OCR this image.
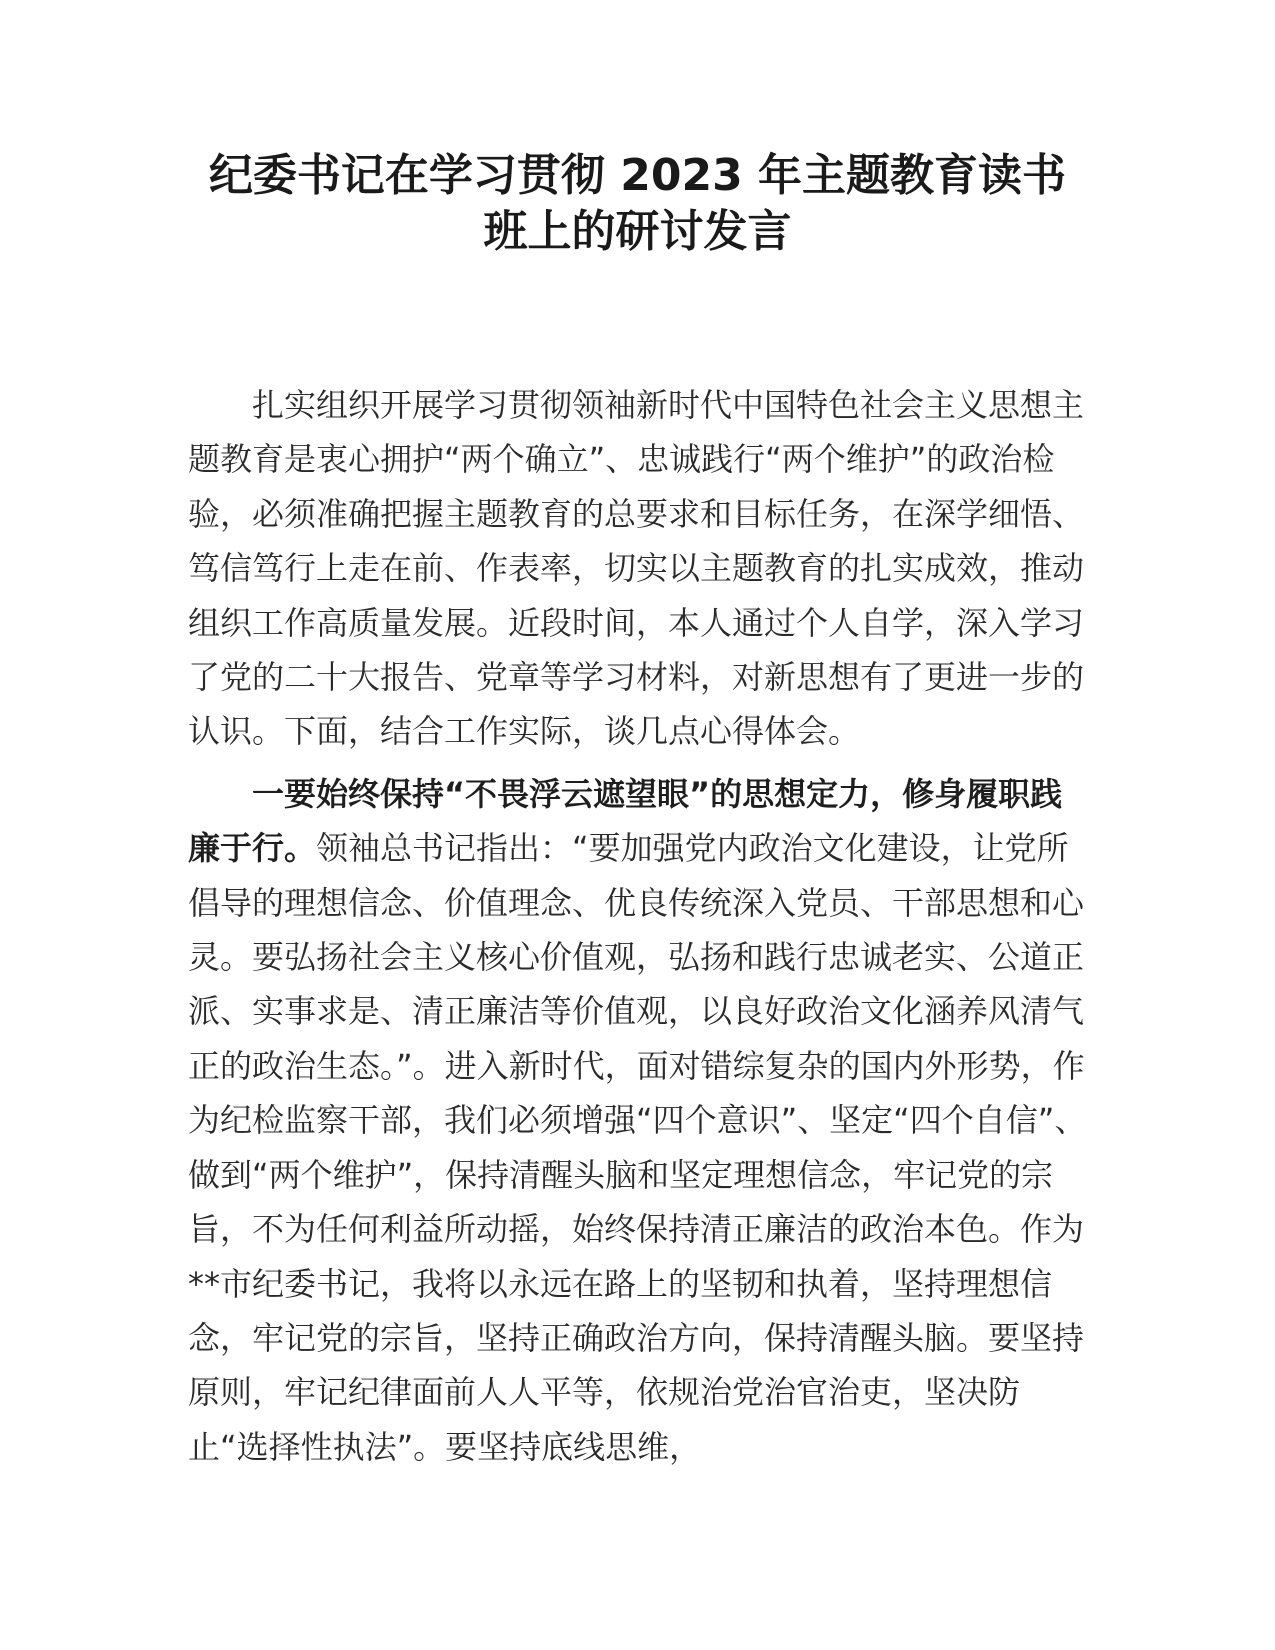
纪委书记在学习贯彻 2023 年主题教育读书
班上的研讨发言

扎实组织开展学习贯彻领袖新时代中国特色社会主义思想主题教育是衷心拥护“两个确立”、忠诚践行“两个维护”的政治检验，必须准确把握主题教育的总要求和目标任务，在深学细悟、笃信笃行上走在前、作表率，切实以主题教育的扎实成效，推动组织工作高质量发展。近段时间，本人通过个人自学，深入学习了党的二十大报告、党章等学习材料，对新思想有了更进一步的认识。下面，结合工作实际，谈几点心得体会。

一要始终保持“不畏浮云遮望眼”的思想定力，修身履职践廉于行。领袖总书记指出：“要加强党内政治文化建设，让党所倡导的理想信念、价值理念、优良传统深入党员、干部思想和心灵。要弘扬社会主义核心价值观，弘扬和践行忠诚老实、公道正派、实事求是、清正廉洁等价值观，以良好政治文化涵养风清气正的政治生态。”。进入新时代，面对错综复杂的国内外形势，作为纪检监察干部，我们必须增强“四个意识”、坚定“四个自信”、做到“两个维护”，保持清醒头脑和坚定理想信念，牢记党的宗旨，不为任何利益所动摇，始终保持清正廉洁的政治本色。作为**市纪委书记，我将以永远在路上的坚韧和执着，坚持理想信念，牢记党的宗旨，坚持正确政治方向，保持清醒头脑。要坚持原则，牢记纪律面前人人平等，依规治党治官治吏，坚决防止“选择性执法”。要坚持底线思维，
